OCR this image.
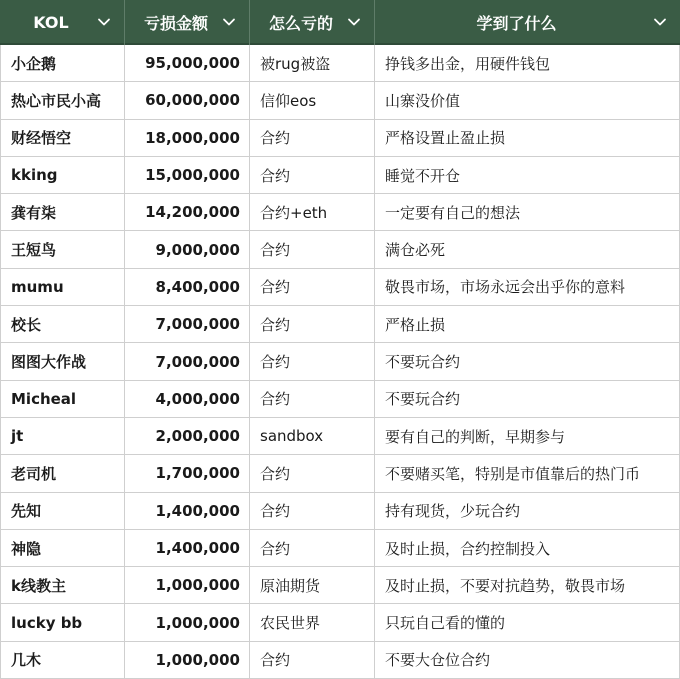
KOL	亏损金额	怎么亏的	学到了什么
小企鹅	95,000,000	被rug被盗	挣钱多出金，用硬件钱包
热心市民小高	60,000,000	信仰eos	山寨没价值
财经悟空	18,000,000	合约	严格设置止盈止损
kking	15,000,000	合约	睡觉不开仓
龚有柒	14,200,000	合约+eth	一定要有自己的想法
王短鸟	9,000,000	合约	满仓必死
mumu	8,400,000	合约	敬畏市场，市场永远会出乎你的意料
校长	7,000,000	合约	严格止损
图图大作战	7,000,000	合约	不要玩合约
Micheal	4,000,000	合约	不要玩合约
jt	2,000,000	sandbox	要有自己的判断，早期参与
老司机	1,700,000	合约	不要赌买笔，特别是市值靠后的热门币
先知	1,400,000	合约	持有现货，少玩合约
神隐	1,400,000	合约	及时止损，合约控制投入
k线教主	1,000,000	原油期货	及时止损，不要对抗趋势，敬畏市场
lucky bb	1,000,000	农民世界	只玩自己看的懂的
几木	1,000,000	合约	不要大仓位合约
